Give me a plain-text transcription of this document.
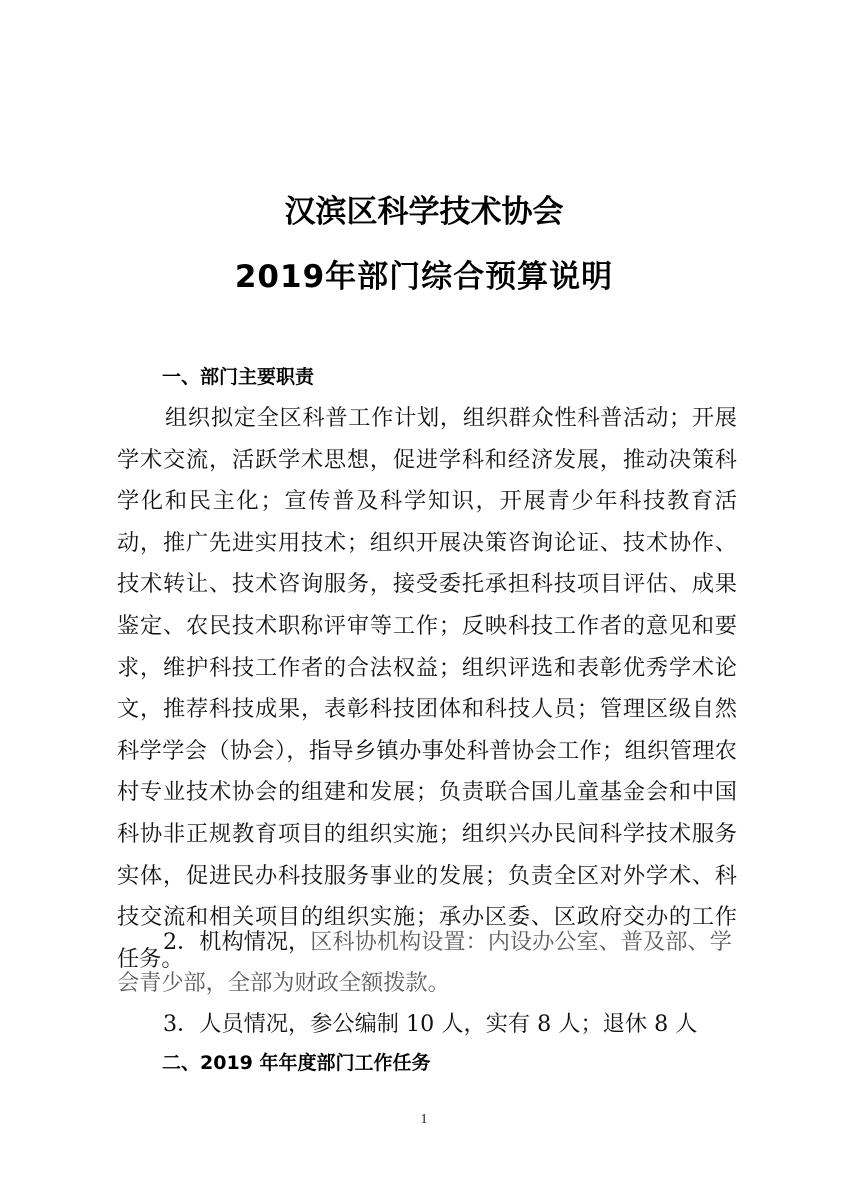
汉滨区科学技术协会
2019年部门综合预算说明
一、部门主要职责
组织拟定全区科普工作计划，组织群众性科普活动；开展学术交流，活跃学术思想，促进学科和经济发展，推动决策科学化和民主化；宣传普及科学知识，开展青少年科技教育活动，推广先进实用技术；组织开展决策咨询论证、技术协作、技术转让、技术咨询服务，接受委托承担科技项目评估、成果鉴定、农民技术职称评审等工作；反映科技工作者的意见和要求，维护科技工作者的合法权益；组织评选和表彰优秀学术论文，推荐科技成果，表彰科技团体和科技人员；管理区级自然科学学会（协会），指导乡镇办事处科普协会工作；组织管理农村专业技术协会的组建和发展；负责联合国儿童基金会和中国科协非正规教育项目的组织实施；组织兴办民间科学技术服务实体，促进民办科技服务事业的发展；负责全区对外学术、科技交流和相关项目的组织实施；承办区委、区政府交办的工作任务。
2．机构情况，区科协机构设置：内设办公室、普及部、学
会青少部，全部为财政全额拨款。
3．人员情况，参公编制 10 人，实有 8 人；退休 8 人
二、2019 年年度部门工作任务
1
